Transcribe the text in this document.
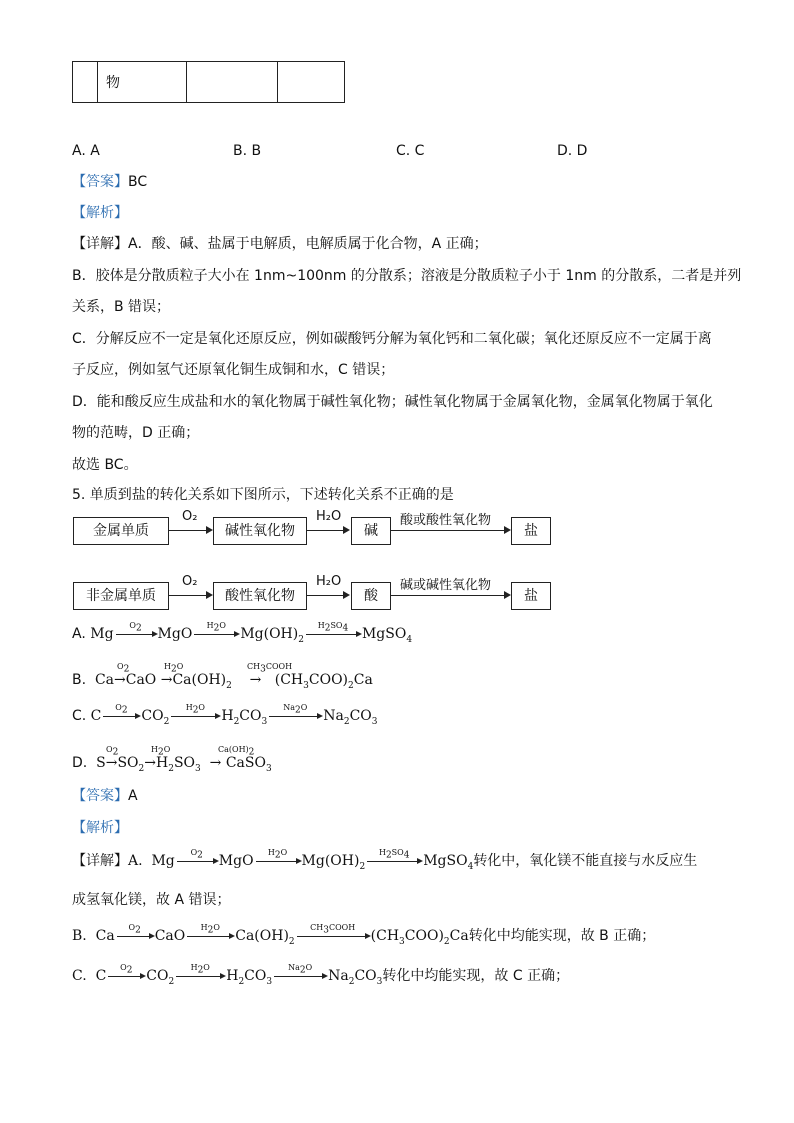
	物		
A. A	B. B	C. C	D. D
【答案】BC
【解析】
【详解】A．酸、碱、盐属于电解质，电解质属于化合物，A 正确；
B．胶体是分散质粒子大小在 1nm~100nm 的分散系；溶液是分散质粒子小于 1nm 的分散系，二者是并列
关系，B 错误；
C．分解反应不一定是氧化还原反应，例如碳酸钙分解为氧化钙和二氧化碳；氧化还原反应不一定属于离
子反应，例如氢气还原氧化铜生成铜和水，C 错误；
D．能和酸反应生成盐和水的氧化物属于碱性氧化物；碱性氧化物属于金属氧化物，金属氧化物属于氧化
物的范畴，D 正确；
故选 BC。
5. 单质到盐的转化关系如下图所示，下述转化关系不正确的是
金属单质
O₂
碱性氧化物
H₂O
碱
酸或酸性氧化物
盐
非金属单质
O₂
酸性氧化物
H₂O
酸
碱或碱性氧化物
盐
A. Mg
$O_2$	MgO
$H_2O$
$Mg(OH)_2$
$H_2SO_4$ MgSO$_4$
B.  $Ca\to CaO \to Ca(OH)_2$    →   $(CH_3COO)_2Ca$
$O_2$	$H_2O$	$CH_3COOH$
C. C
$O_2$ $CO_2$
$H_2O$
$H_2CO_3$
$Na_2O$
$Na_2CO_3$
D.  $S\to SO_2\to H_2SO_3$  → CaSO$_3$
$O_2$	$H_2O$	$Ca(OH)_2$
【答案】A
【解析】
【详解】A.  Mg
$O_2$	MgO
$H_2O$
$Mg(OH)_2$
$H_2SO_4$ MgSO$_4$转化中，氧化镁不能直接与水反应生
成氢氧化镁，故 A 错误；
B.  Ca
$O_2$ CaO
$H_2O$
$Ca(OH)_2$
$CH_3COOH$
$(CH_3COO)_2Ca$转化中均能实现，故 B 正确；
C.  C
$O_2$ $CO_2$
$H_2O$
$H_2CO_3$
$Na_2O$
$Na_2CO_3$转化中均能实现，故 C 正确；
